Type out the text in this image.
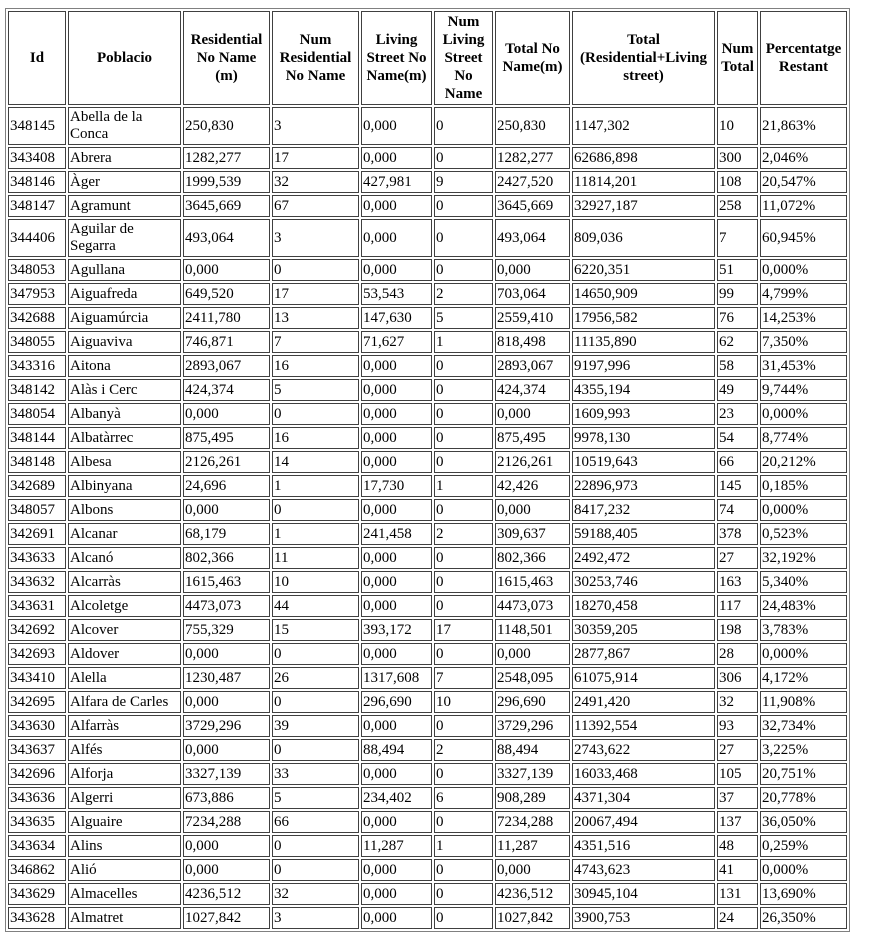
Id	Poblacio	Residential No Name (m)	Num Residential No Name	Living Street No Name(m)	Num Living Street No Name	Total No Name(m)	Total (Residential+Living street)	Num Total	Percentatge Restant
348145	Abella de la Conca	250,830	3	0,000	0	250,830	1147,302	10	21,863%
343408	Abrera	1282,277	17	0,000	0	1282,277	62686,898	300	2,046%
348146	Àger	1999,539	32	427,981	9	2427,520	11814,201	108	20,547%
348147	Agramunt	3645,669	67	0,000	0	3645,669	32927,187	258	11,072%
344406	Aguilar de Segarra	493,064	3	0,000	0	493,064	809,036	7	60,945%
348053	Agullana	0,000	0	0,000	0	0,000	6220,351	51	0,000%
347953	Aiguafreda	649,520	17	53,543	2	703,064	14650,909	99	4,799%
342688	Aiguamúrcia	2411,780	13	147,630	5	2559,410	17956,582	76	14,253%
348055	Aiguaviva	746,871	7	71,627	1	818,498	11135,890	62	7,350%
343316	Aitona	2893,067	16	0,000	0	2893,067	9197,996	58	31,453%
348142	Alàs i Cerc	424,374	5	0,000	0	424,374	4355,194	49	9,744%
348054	Albanyà	0,000	0	0,000	0	0,000	1609,993	23	0,000%
348144	Albatàrrec	875,495	16	0,000	0	875,495	9978,130	54	8,774%
348148	Albesa	2126,261	14	0,000	0	2126,261	10519,643	66	20,212%
342689	Albinyana	24,696	1	17,730	1	42,426	22896,973	145	0,185%
348057	Albons	0,000	0	0,000	0	0,000	8417,232	74	0,000%
342691	Alcanar	68,179	1	241,458	2	309,637	59188,405	378	0,523%
343633	Alcanó	802,366	11	0,000	0	802,366	2492,472	27	32,192%
343632	Alcarràs	1615,463	10	0,000	0	1615,463	30253,746	163	5,340%
343631	Alcoletge	4473,073	44	0,000	0	4473,073	18270,458	117	24,483%
342692	Alcover	755,329	15	393,172	17	1148,501	30359,205	198	3,783%
342693	Aldover	0,000	0	0,000	0	0,000	2877,867	28	0,000%
343410	Alella	1230,487	26	1317,608	7	2548,095	61075,914	306	4,172%
342695	Alfara de Carles	0,000	0	296,690	10	296,690	2491,420	32	11,908%
343630	Alfarràs	3729,296	39	0,000	0	3729,296	11392,554	93	32,734%
343637	Alfés	0,000	0	88,494	2	88,494	2743,622	27	3,225%
342696	Alforja	3327,139	33	0,000	0	3327,139	16033,468	105	20,751%
343636	Algerri	673,886	5	234,402	6	908,289	4371,304	37	20,778%
343635	Alguaire	7234,288	66	0,000	0	7234,288	20067,494	137	36,050%
343634	Alins	0,000	0	11,287	1	11,287	4351,516	48	0,259%
346862	Alió	0,000	0	0,000	0	0,000	4743,623	41	0,000%
343629	Almacelles	4236,512	32	0,000	0	4236,512	30945,104	131	13,690%
343628	Almatret	1027,842	3	0,000	0	1027,842	3900,753	24	26,350%
